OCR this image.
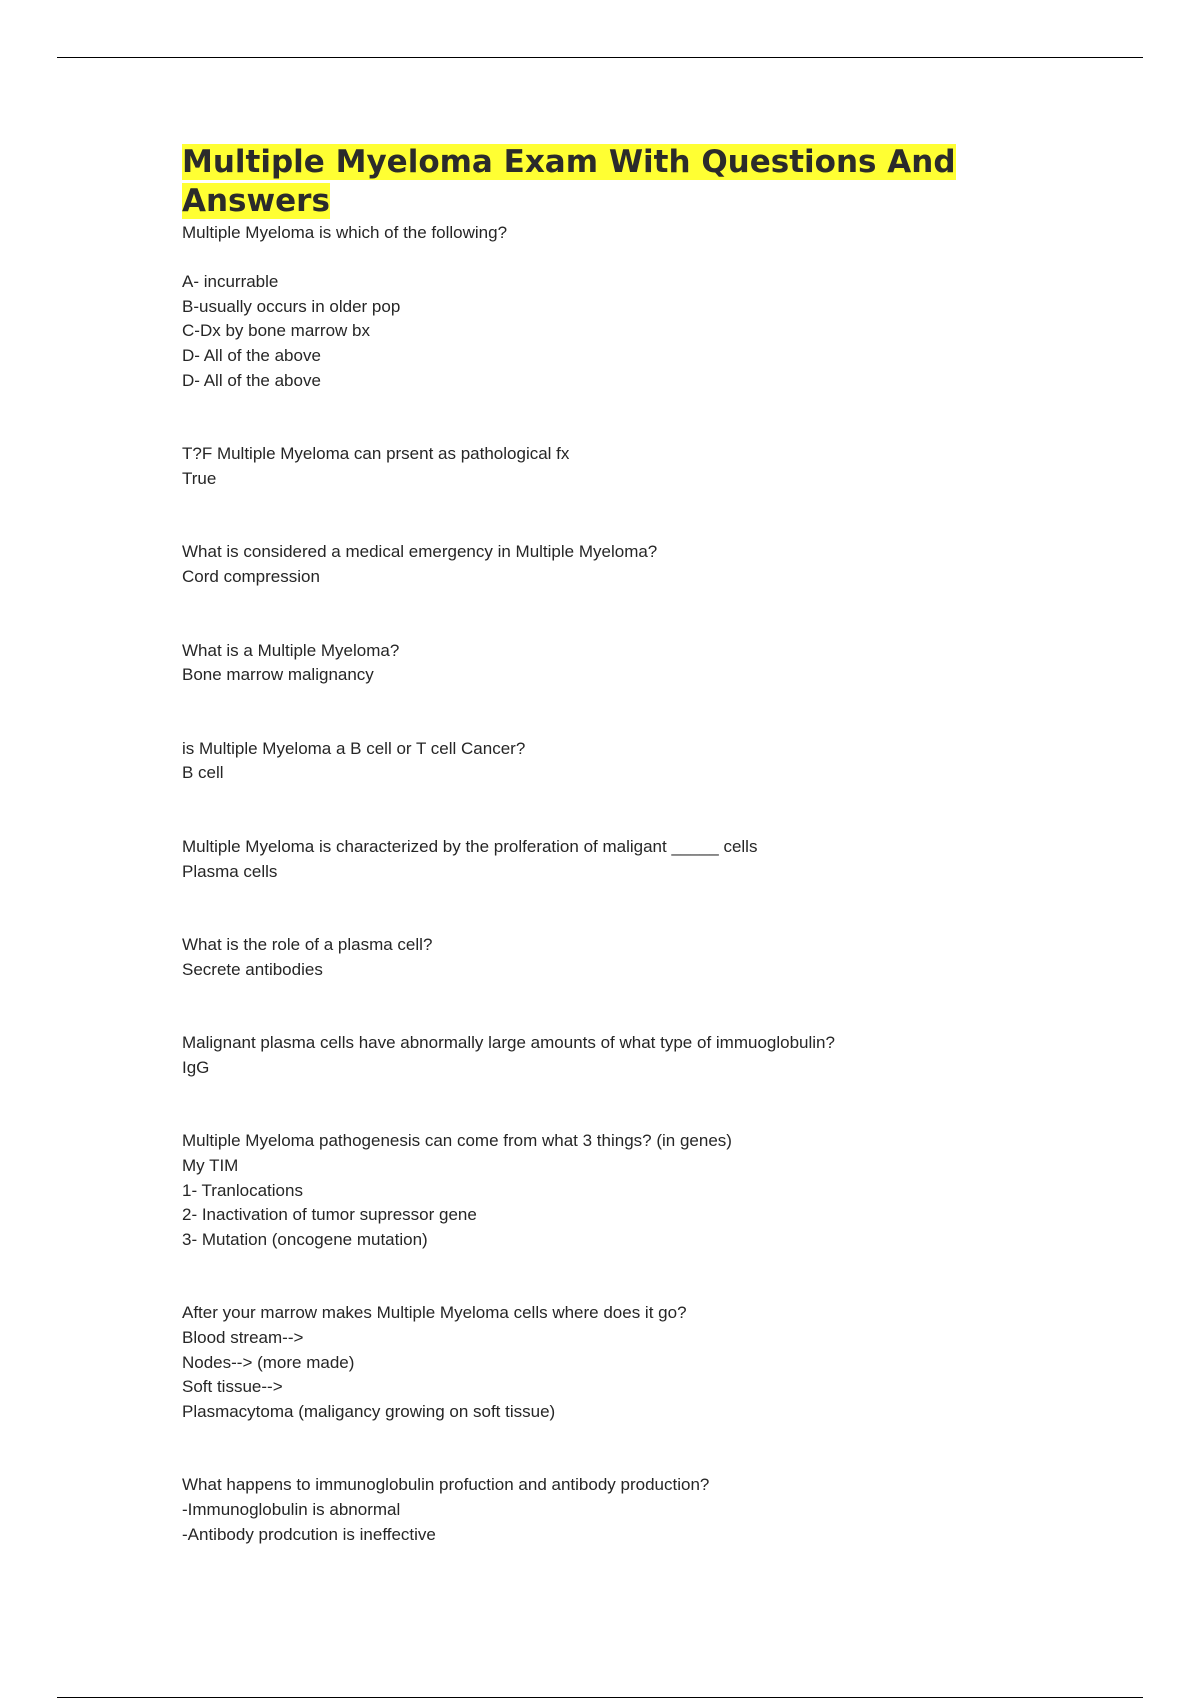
Multiple Myeloma Exam With Questions And Answers
Multiple Myeloma is which of the following?
A- incurrable
B-usually occurs in older pop
C-Dx by bone marrow bx
D- All of the above
D- All of the above
T?F Multiple Myeloma can prsent as pathological fx
True
What is considered a medical emergency in Multiple Myeloma?
Cord compression
What is a Multiple Myeloma?
Bone marrow malignancy
is Multiple Myeloma a B cell or T cell Cancer?
B cell
Multiple Myeloma is characterized by the prolferation of maligant _____ cells
Plasma cells
What is the role of a plasma cell?
Secrete antibodies
Malignant plasma cells have abnormally large amounts of what type of immuoglobulin?
IgG
Multiple Myeloma pathogenesis can come from what 3 things? (in genes)
My TIM
1- Tranlocations
2- Inactivation of tumor supressor gene
3- Mutation (oncogene mutation)
After your marrow makes Multiple Myeloma cells where does it go?
Blood stream-->
Nodes--> (more made)
Soft tissue-->
Plasmacytoma (maligancy growing on soft tissue)
What happens to immunoglobulin profuction and antibody production?
-Immunoglobulin is abnormal
-Antibody prodcution is ineffective
